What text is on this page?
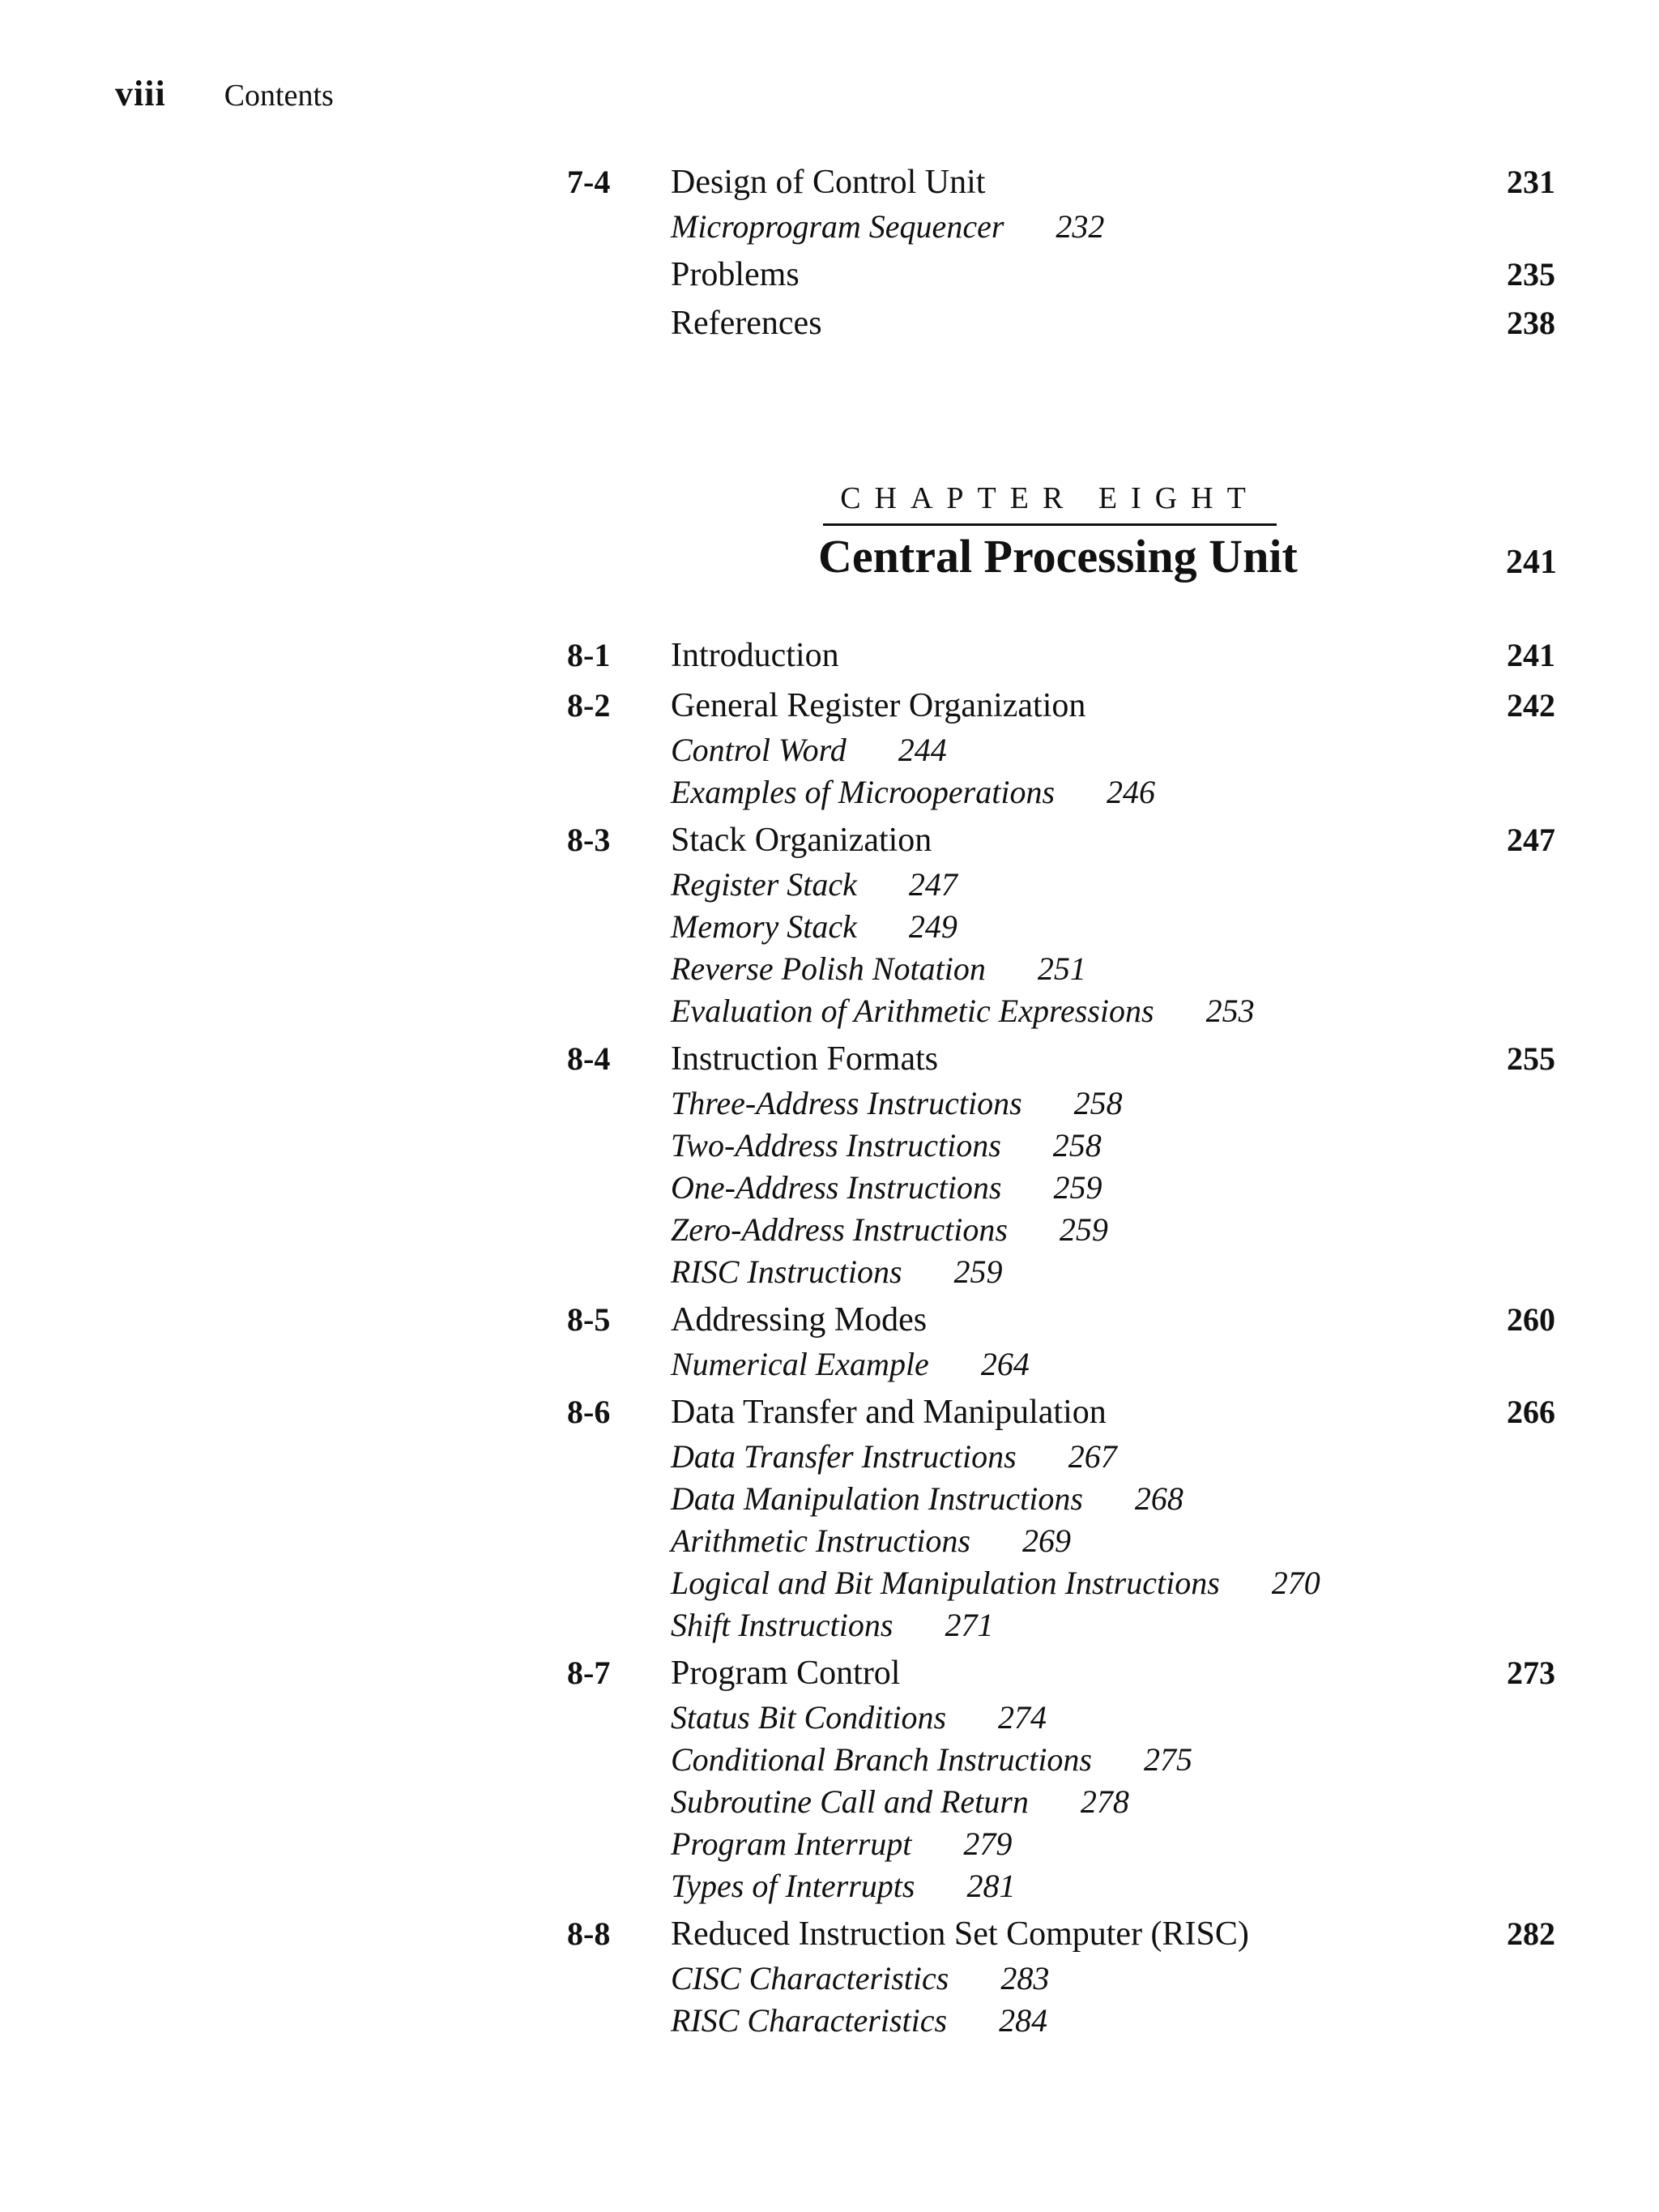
viii Contents
7-4 Design of Control Unit	231
Microprogram Sequencer 232
Problems	235
References	238
CHAPTER EIGHT
Central Processing Unit	241
8-1 Introduction	241
8-2 General Register Organization	242
Control Word 244
Examples of Microoperations 246
8-3 Stack Organization	247
Register Stack 247
Memory Stack 249
Reverse Polish Notation 251
Evaluation of Arithmetic Expressions 253
8-4 Instruction Formats	255
Three-Address Instructions 258
Two-Address Instructions 258
One-Address Instructions 259
Zero-Address Instructions 259
RISC Instructions 259
8-5 Addressing Modes	260
Numerical Example 264
8-6 Data Transfer and Manipulation	266
Data Transfer Instructions 267
Data Manipulation Instructions 268
Arithmetic Instructions 269
Logical and Bit Manipulation Instructions 270
Shift Instructions 271
8-7 Program Control	273
Status Bit Conditions 274
Conditional Branch Instructions 275
Subroutine Call and Return 278
Program Interrupt 279
Types of Interrupts 281
8-8 Reduced Instruction Set Computer (RISC)	282
CISC Characteristics 283
RISC Characteristics 284
